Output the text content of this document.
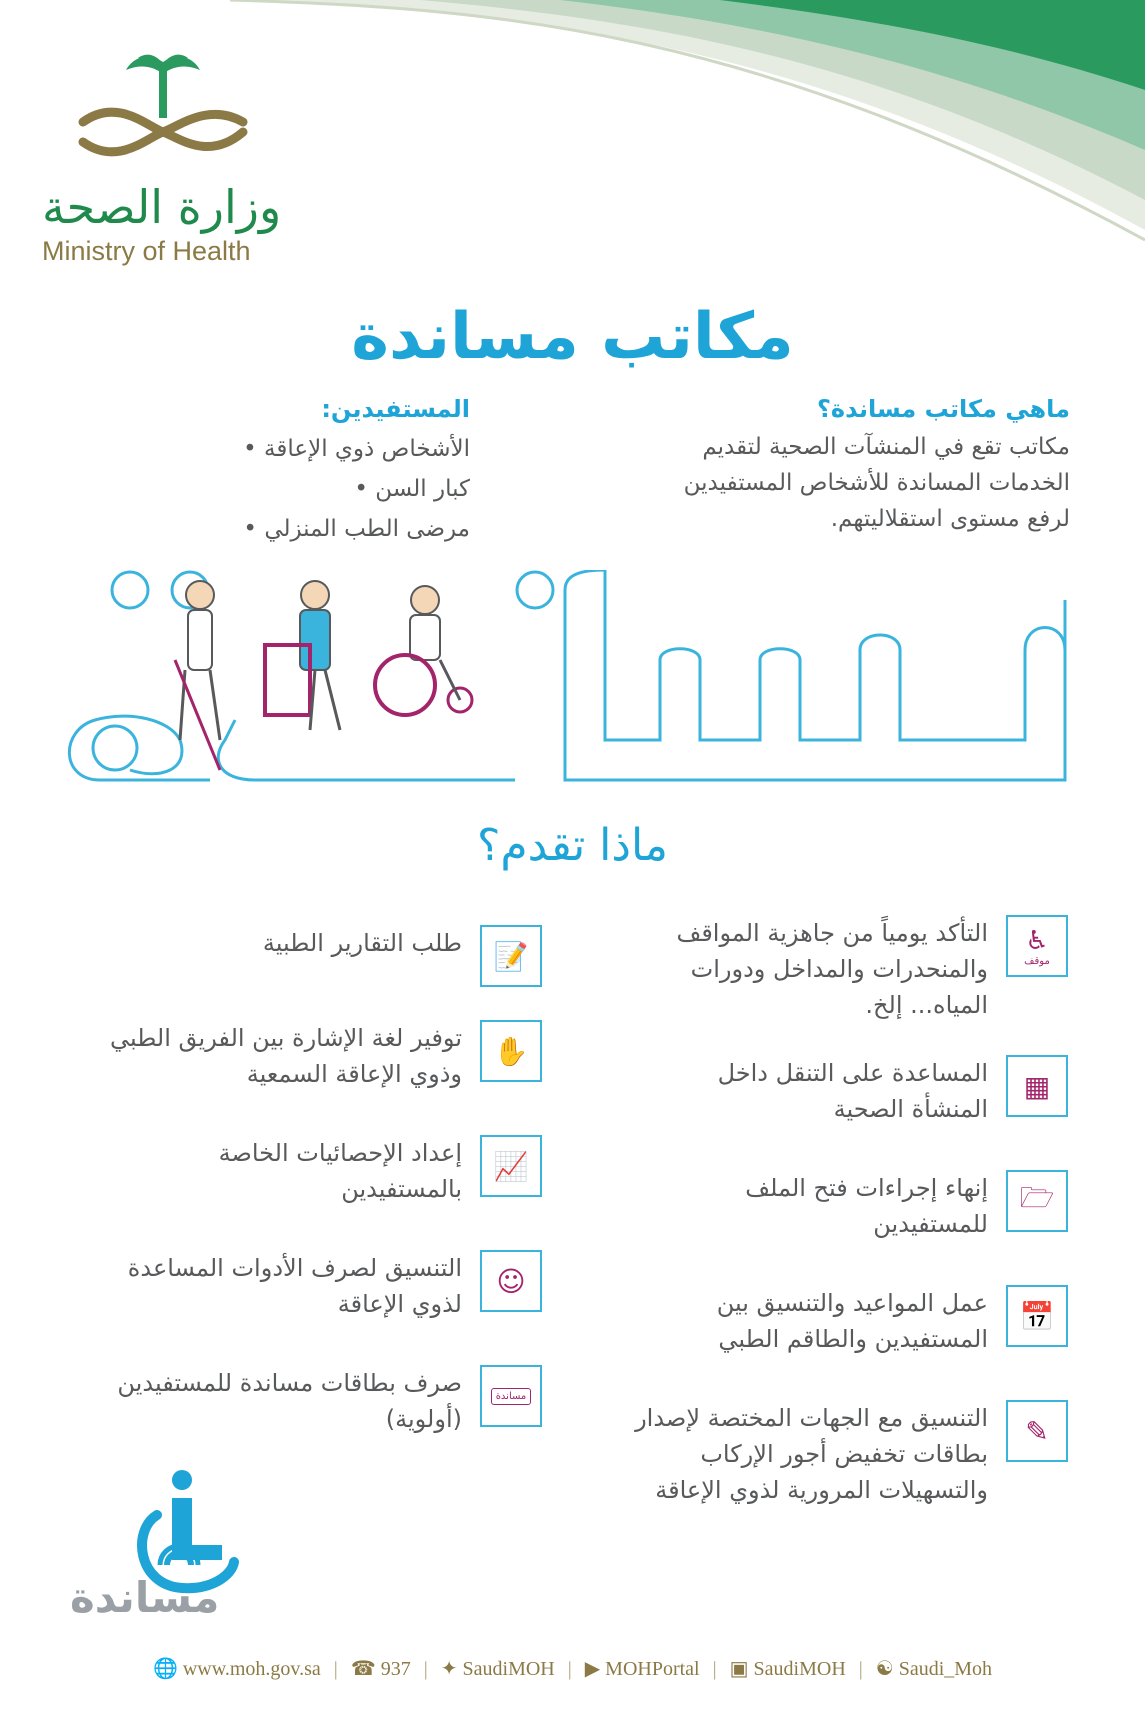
وزارة الصحة
Ministry of Health
مكاتب مساندة
ماهي مكاتب مساندة؟
مكاتب تقع في المنشآت الصحية لتقديم
الخدمات المساندة للأشخاص المستفيدين
لرفع مستوى استقلاليتهم.
المستفيدين:
الأشخاص ذوي الإعاقة •
كبار السن •
مرضى الطب المنزلي •
ماذا تقدم؟
التأكد يومياً من جاهزية المواقف
والمنحدرات والمداخل ودورات
المياه... إلخ.
♿
موقف
المساعدة على التنقل داخل
المنشأة الصحية
▦
إنهاء إجراءات فتح الملف
للمستفيدين
🗁
عمل المواعيد والتنسيق بين
المستفيدين والطاقم الطبي
📅
التنسيق مع الجهات المختصة لإصدار
بطاقات تخفيض أجور الإركاب
والتسهيلات المرورية لذوي الإعاقة
✎
طلب التقارير الطبية	📝
توفير لغة الإشارة بين الفريق الطبي
وذوي الإعاقة السمعية
✋
إعداد الإحصائيات الخاصة
بالمستفيدين
📈
التنسيق لصرف الأدوات المساعدة
لذوي الإعاقة
☺
صرف بطاقات مساندة للمستفيدين
(أولوية)
مساندة
مساندة
🌐 www.moh.gov.sa | ☎ 937 | ✦ SaudiMOH | ▶ MOHPortal | ▣ SaudiMOH | ☯ Saudi_Moh
